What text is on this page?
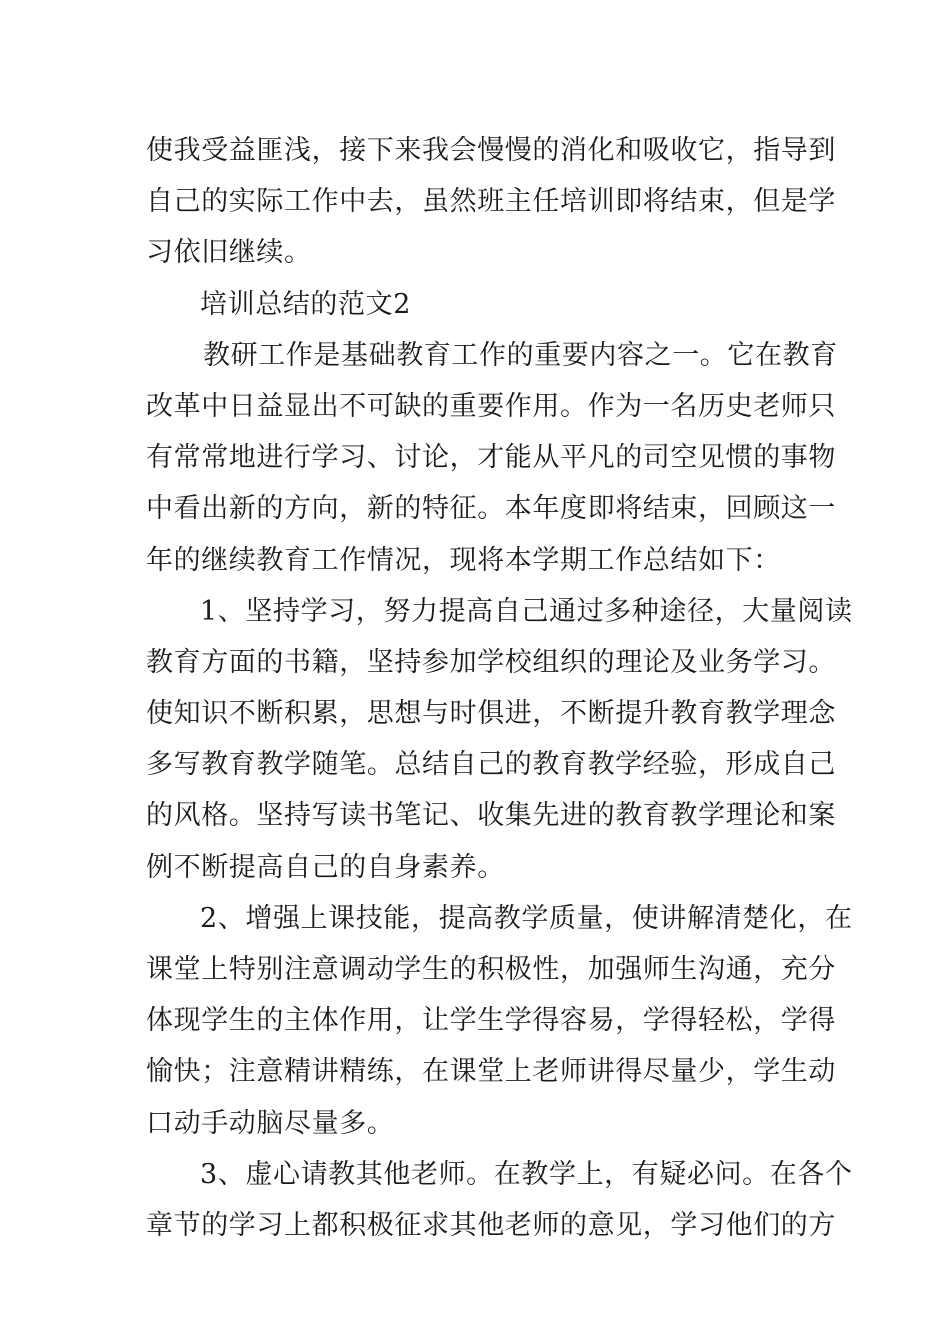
使我受益匪浅，接下来我会慢慢的消化和吸收它，指导到
自己的实际工作中去，虽然班主任培训即将结束，但是学
习依旧继续。
培训总结的范文2
教研工作是基础教育工作的重要内容之一。它在教育
改革中日益显出不可缺的重要作用。作为一名历史老师只
有常常地进行学习、讨论，才能从平凡的司空见惯的事物
中看出新的方向，新的特征。本年度即将结束，回顾这一
年的继续教育工作情况，现将本学期工作总结如下：
1、坚持学习，努力提高自己通过多种途径，大量阅读
教育方面的书籍，坚持参加学校组织的理论及业务学习。
使知识不断积累，思想与时俱进，不断提升教育教学理念
多写教育教学随笔。总结自己的教育教学经验，形成自己
的风格。坚持写读书笔记、收集先进的教育教学理论和案
例不断提高自己的自身素养。
2、增强上课技能，提高教学质量，使讲解清楚化，在
课堂上特别注意调动学生的积极性，加强师生沟通，充分
体现学生的主体作用，让学生学得容易，学得轻松，学得
愉快；注意精讲精练，在课堂上老师讲得尽量少，学生动
口动手动脑尽量多。
3、虚心请教其他老师。在教学上，有疑必问。在各个
章节的学习上都积极征求其他老师的意见，学习他们的方
